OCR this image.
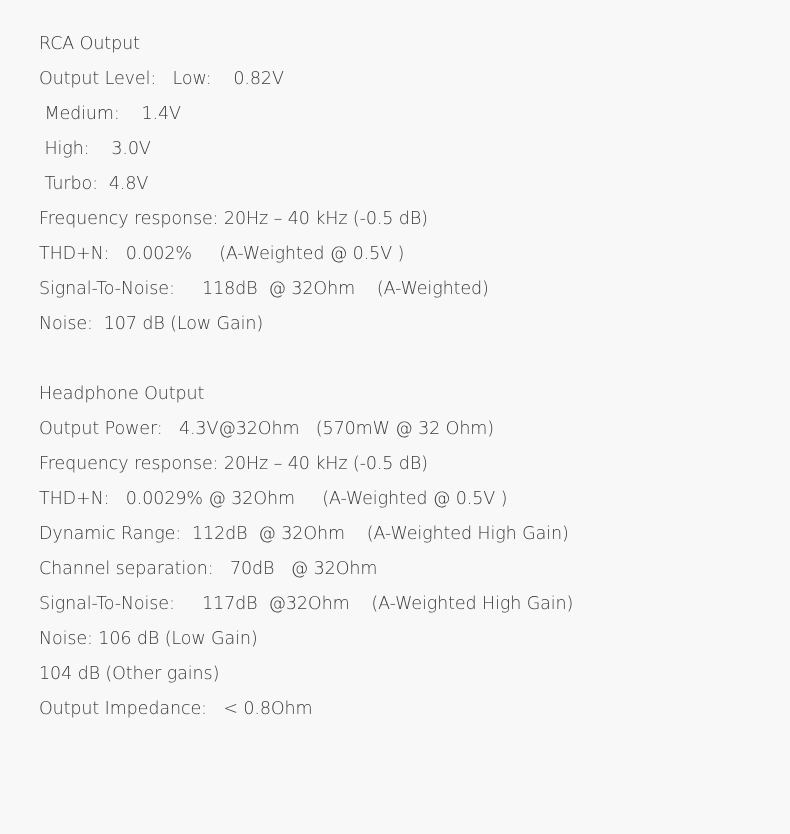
RCA Output

Output Level:   Low:    0.82V

Medium:    1.4V

High:    3.0V

Turbo:  4.8V

Frequency response: 20Hz – 40 kHz (-0.5 dB)

THD+N:   0.002%     (A-Weighted @ 0.5V )

Signal-To-Noise:     118dB  @ 32Ohm    (A-Weighted)

Noise:  107 dB (Low Gain)

Headphone Output

Output Power:   4.3V@32Ohm   (570mW @ 32 Ohm)

Frequency response: 20Hz – 40 kHz (-0.5 dB)

THD+N:   0.0029% @ 32Ohm     (A-Weighted @ 0.5V )

Dynamic Range:  112dB  @ 32Ohm    (A-Weighted High Gain)

Channel separation:   70dB   @ 32Ohm

Signal-To-Noise:     117dB  @32Ohm    (A-Weighted High Gain)

Noise: 106 dB (Low Gain)

104 dB (Other gains)

Output Impedance:   < 0.8Ohm
